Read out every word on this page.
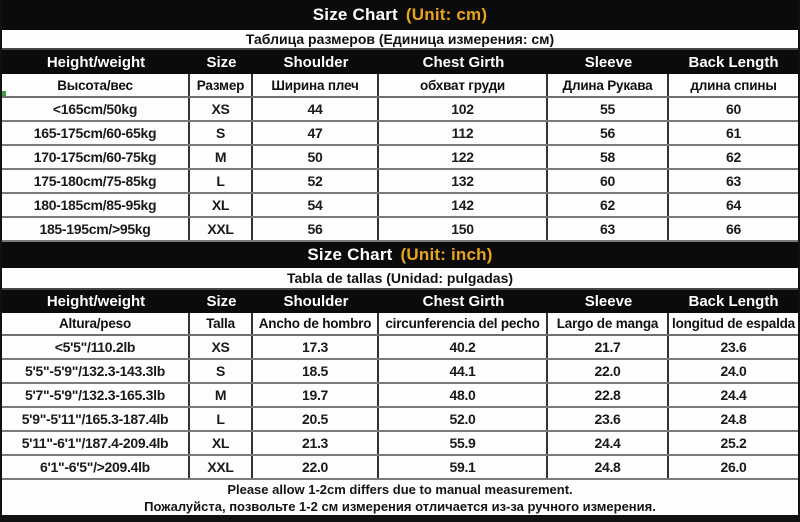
Size Chart (Unit: cm)
Таблица размеров (Единица измерения: см)
Height/weight	Size	Shoulder	Chest Girth	Sleeve	Back Length
Высота/вес	Размер	Ширина плеч	обхват груди	Длина Рукава	длина спины
<165cm/50kg	XS	44	102	55	60
165-175cm/60-65kg	S	47	112	56	61
170-175cm/60-75kg	M	50	122	58	62
175-180cm/75-85kg	L	52	132	60	63
180-185cm/85-95kg	XL	54	142	62	64
185-195cm/>95kg	XXL	56	150	63	66
Size Chart (Unit: inch)
Tabla de tallas (Unidad: pulgadas)
Height/weight	Size	Shoulder	Chest Girth	Sleeve	Back Length
Altura/peso	Talla	Ancho de hombro	circunferencia del pecho	Largo de manga	longitud de espalda
<5'5"/110.2lb	XS	17.3	40.2	21.7	23.6
5'5"-5'9"/132.3-143.3lb	S	18.5	44.1	22.0	24.0
5'7"-5'9"/132.3-165.3lb	M	19.7	48.0	22.8	24.4
5'9"-5'11"/165.3-187.4lb	L	20.5	52.0	23.6	24.8
5'11"-6'1"/187.4-209.4lb	XL	21.3	55.9	24.4	25.2
6'1"-6'5"/>209.4lb	XXL	22.0	59.1	24.8	26.0
Please allow 1-2cm differs due to manual measurement.
Пожалуйста, позвольте 1-2 см измерения отличается из-за ручного измерения.
